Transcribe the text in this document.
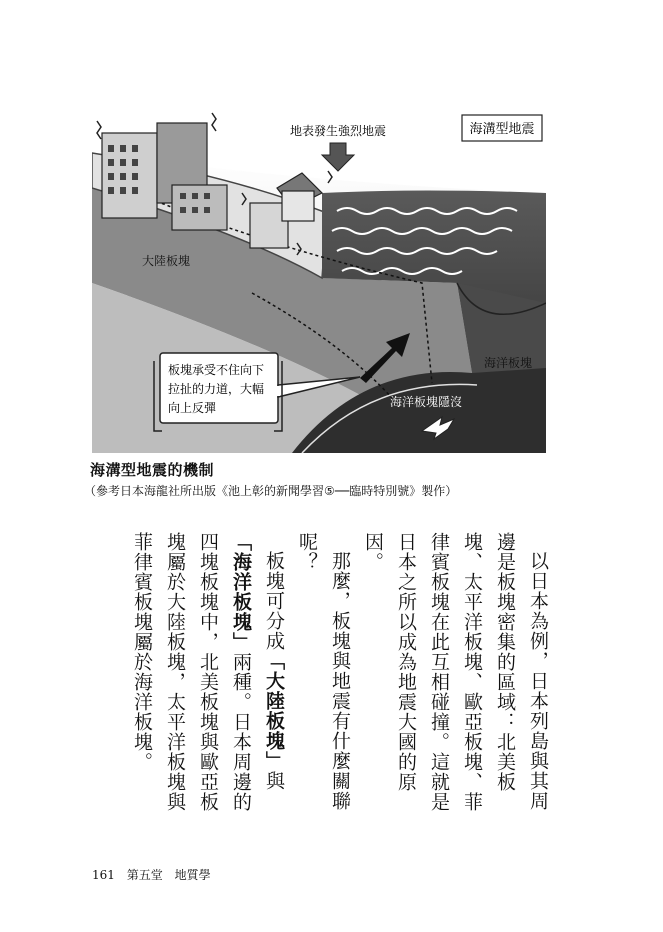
海溝型地震
地表發生強烈地震
大陸板塊
海洋板塊
海洋板塊隱沒
板塊承受不住向下
拉扯的力道，大幅
向上反彈
海溝型地震的機制
（參考日本海龍社所出版《池上彰的新聞學習⑤──臨時特別號》製作）

以日本為例，日本列島與其周邊是板塊密集的區域：北美板塊、太平洋板塊、歐亞板塊、菲律賓板塊在此互相碰撞。這就是日本之所以成為地震大國的原因。

那麼，板塊與地震有什麼關聯呢？

板塊可分成「大陸板塊」與「海洋板塊」兩種。日本周邊的四塊板塊中，北美板塊與歐亞板塊屬於大陸板塊，太平洋板塊與菲律賓板塊屬於海洋板塊。

161 第五堂 地質學
